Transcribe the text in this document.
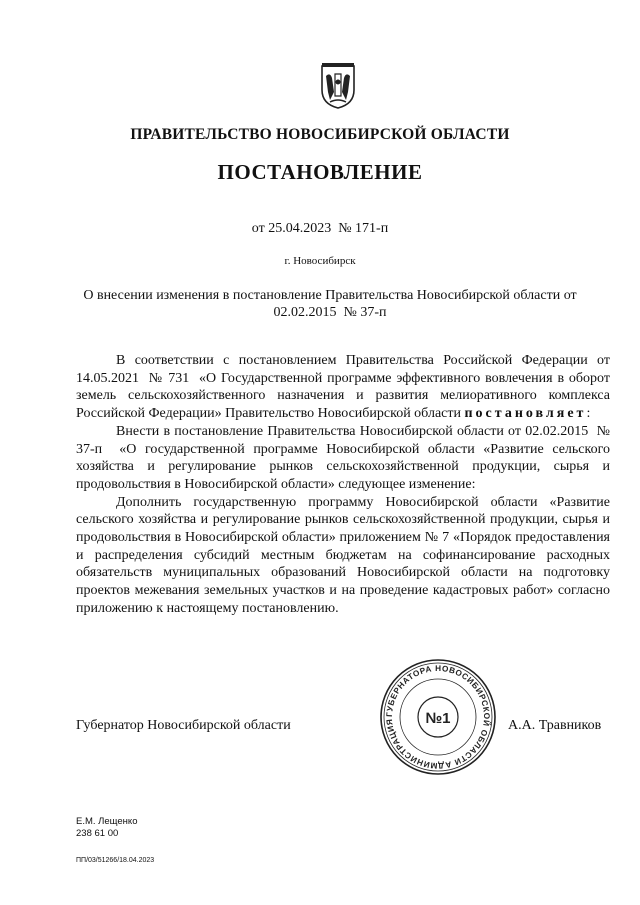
ПРАВИТЕЛЬСТВО НОВОСИБИРСКОЙ ОБЛАСТИ
ПОСТАНОВЛЕНИЕ
от 25.04.2023  № 171-п
г. Новосибирск
О внесении изменения в постановление Правительства Новосибирской области от 02.02.2015  № 37-п

В соответствии с постановлением Правительства Российской Федерации от 14.05.2021  № 731  «О Государственной программе эффективного вовлечения в оборот земель сельскохозяйственного назначения и развития мелиоративного комплекса Российской Федерации» Правительство Новосибирской области постановляет:

Внести в постановление Правительства Новосибирской области от 02.02.2015  № 37-п  «О государственной программе Новосибирской области «Развитие сельского хозяйства и регулирование рынков сельскохозяйственной продукции, сырья и продовольствия в Новосибирской области» следующее изменение:

Дополнить государственную программу Новосибирской области «Развитие сельского хозяйства и регулирование рынков сельскохозяйственной продукции, сырья и продовольствия в Новосибирской области» приложением № 7 «Порядок предоставления и распределения субсидий местным бюджетам на софинансирование расходных обязательств муниципальных образований Новосибирской области на подготовку проектов межевания земельных участков и на проведение кадастровых работ» согласно приложению к настоящему постановлению.

Губернатор Новосибирской области
ГУБЕРНАТОРА НОВОСИБИРСКОЙ ОБЛАСТИ АДМИНИСТРАЦИЯ	№1	А.А. Травников
Е.М. Лещенко
238 61 00
ПП/03/51266/18.04.2023
